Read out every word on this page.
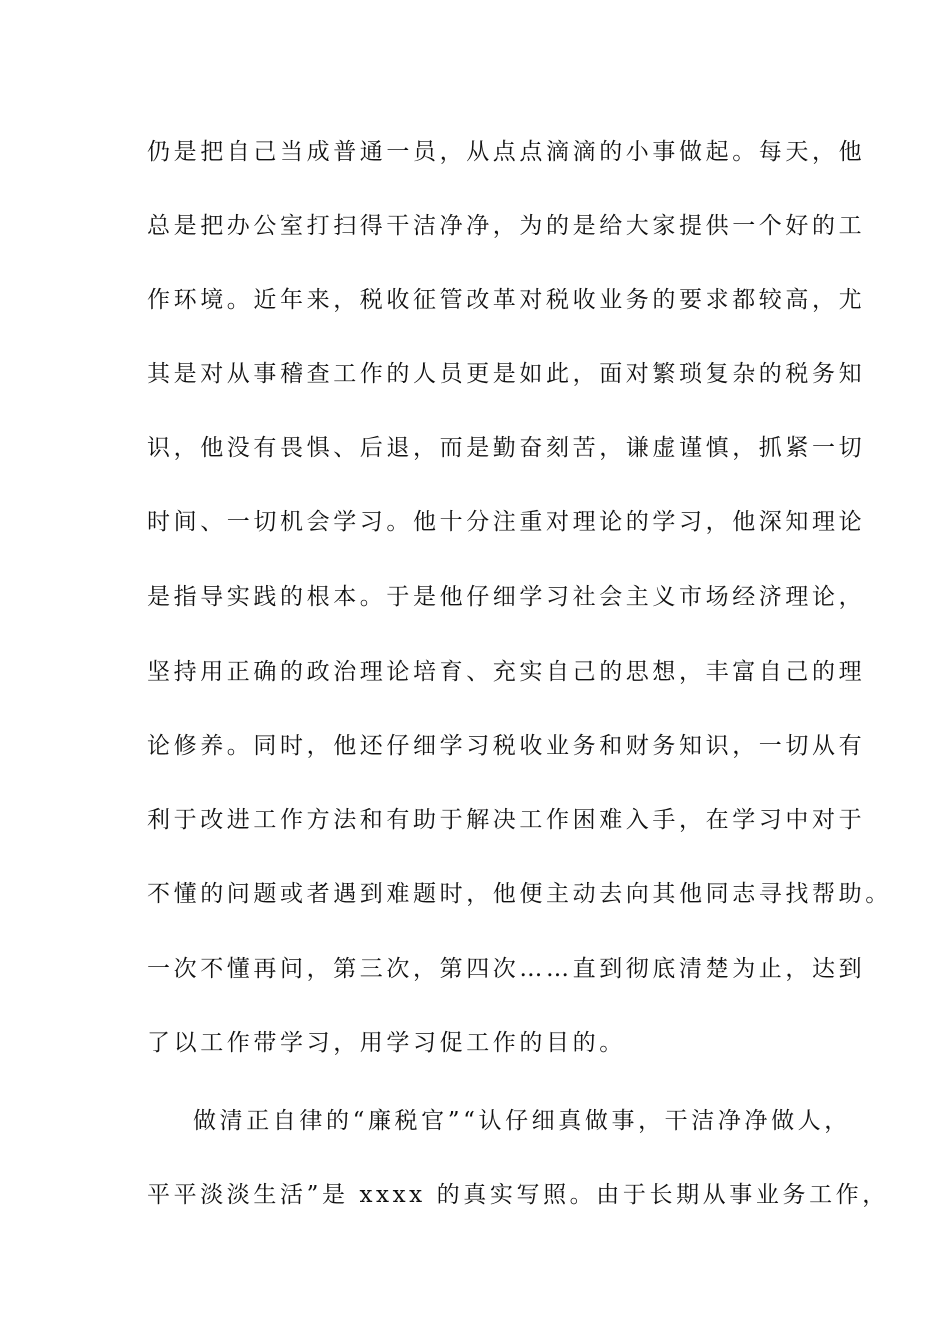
仍是把自己当成普通一员，从点点滴滴的小事做起。每天，他
总是把办公室打扫得干洁净净，为的是给大家提供一个好的工
作环境。近年来，税收征管改革对税收业务的要求都较高，尤
其是对从事稽查工作的人员更是如此，面对繁琐复杂的税务知
识，他没有畏惧、后退，而是勤奋刻苦，谦虚谨慎，抓紧一切
时间、一切机会学习。他十分注重对理论的学习，他深知理论
是指导实践的根本。于是他仔细学习社会主义市场经济理论，
坚持用正确的政治理论培育、充实自己的思想，丰富自己的理
论修养。同时，他还仔细学习税收业务和财务知识，一切从有
利于改进工作方法和有助于解决工作困难入手，在学习中对于
不懂的问题或者遇到难题时，他便主动去向其他同志寻找帮助。
一次不懂再问，第三次，第四次……直到彻底清楚为止，达到
了以工作带学习，用学习促工作的目的。
做清正自律的“廉税官”“认仔细真做事，干洁净净做人，
平平淡淡生活”是 xxxx 的真实写照。由于长期从事业务工作，
